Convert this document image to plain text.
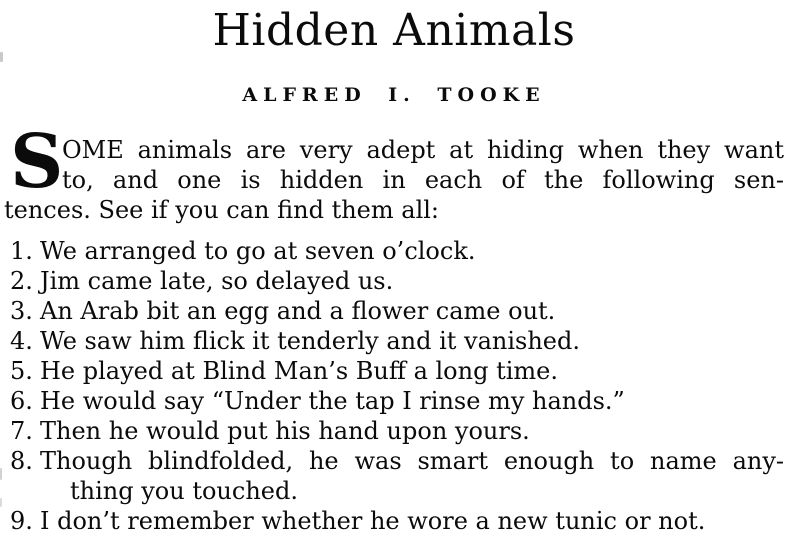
Hidden Animals
ALFRED I. TOOKE
S
OME animals are very adept at hiding when they want
to, and one is hidden in each of the following sen-
tences. See if you can find them all:
1. We arranged to go at seven o’clock.
2. Jim came late, so delayed us.
3. An Arab bit an egg and a flower came out.
4. We saw him flick it tenderly and it vanished.
5. He played at Blind Man’s Buff a long time.
6. He would say “Under the tap I rinse my hands.”
7. Then he would put his hand upon yours.
8. Though blindfolded, he was smart enough to name any-
thing you touched.
9. I don’t remember whether he wore a new tunic or not.
